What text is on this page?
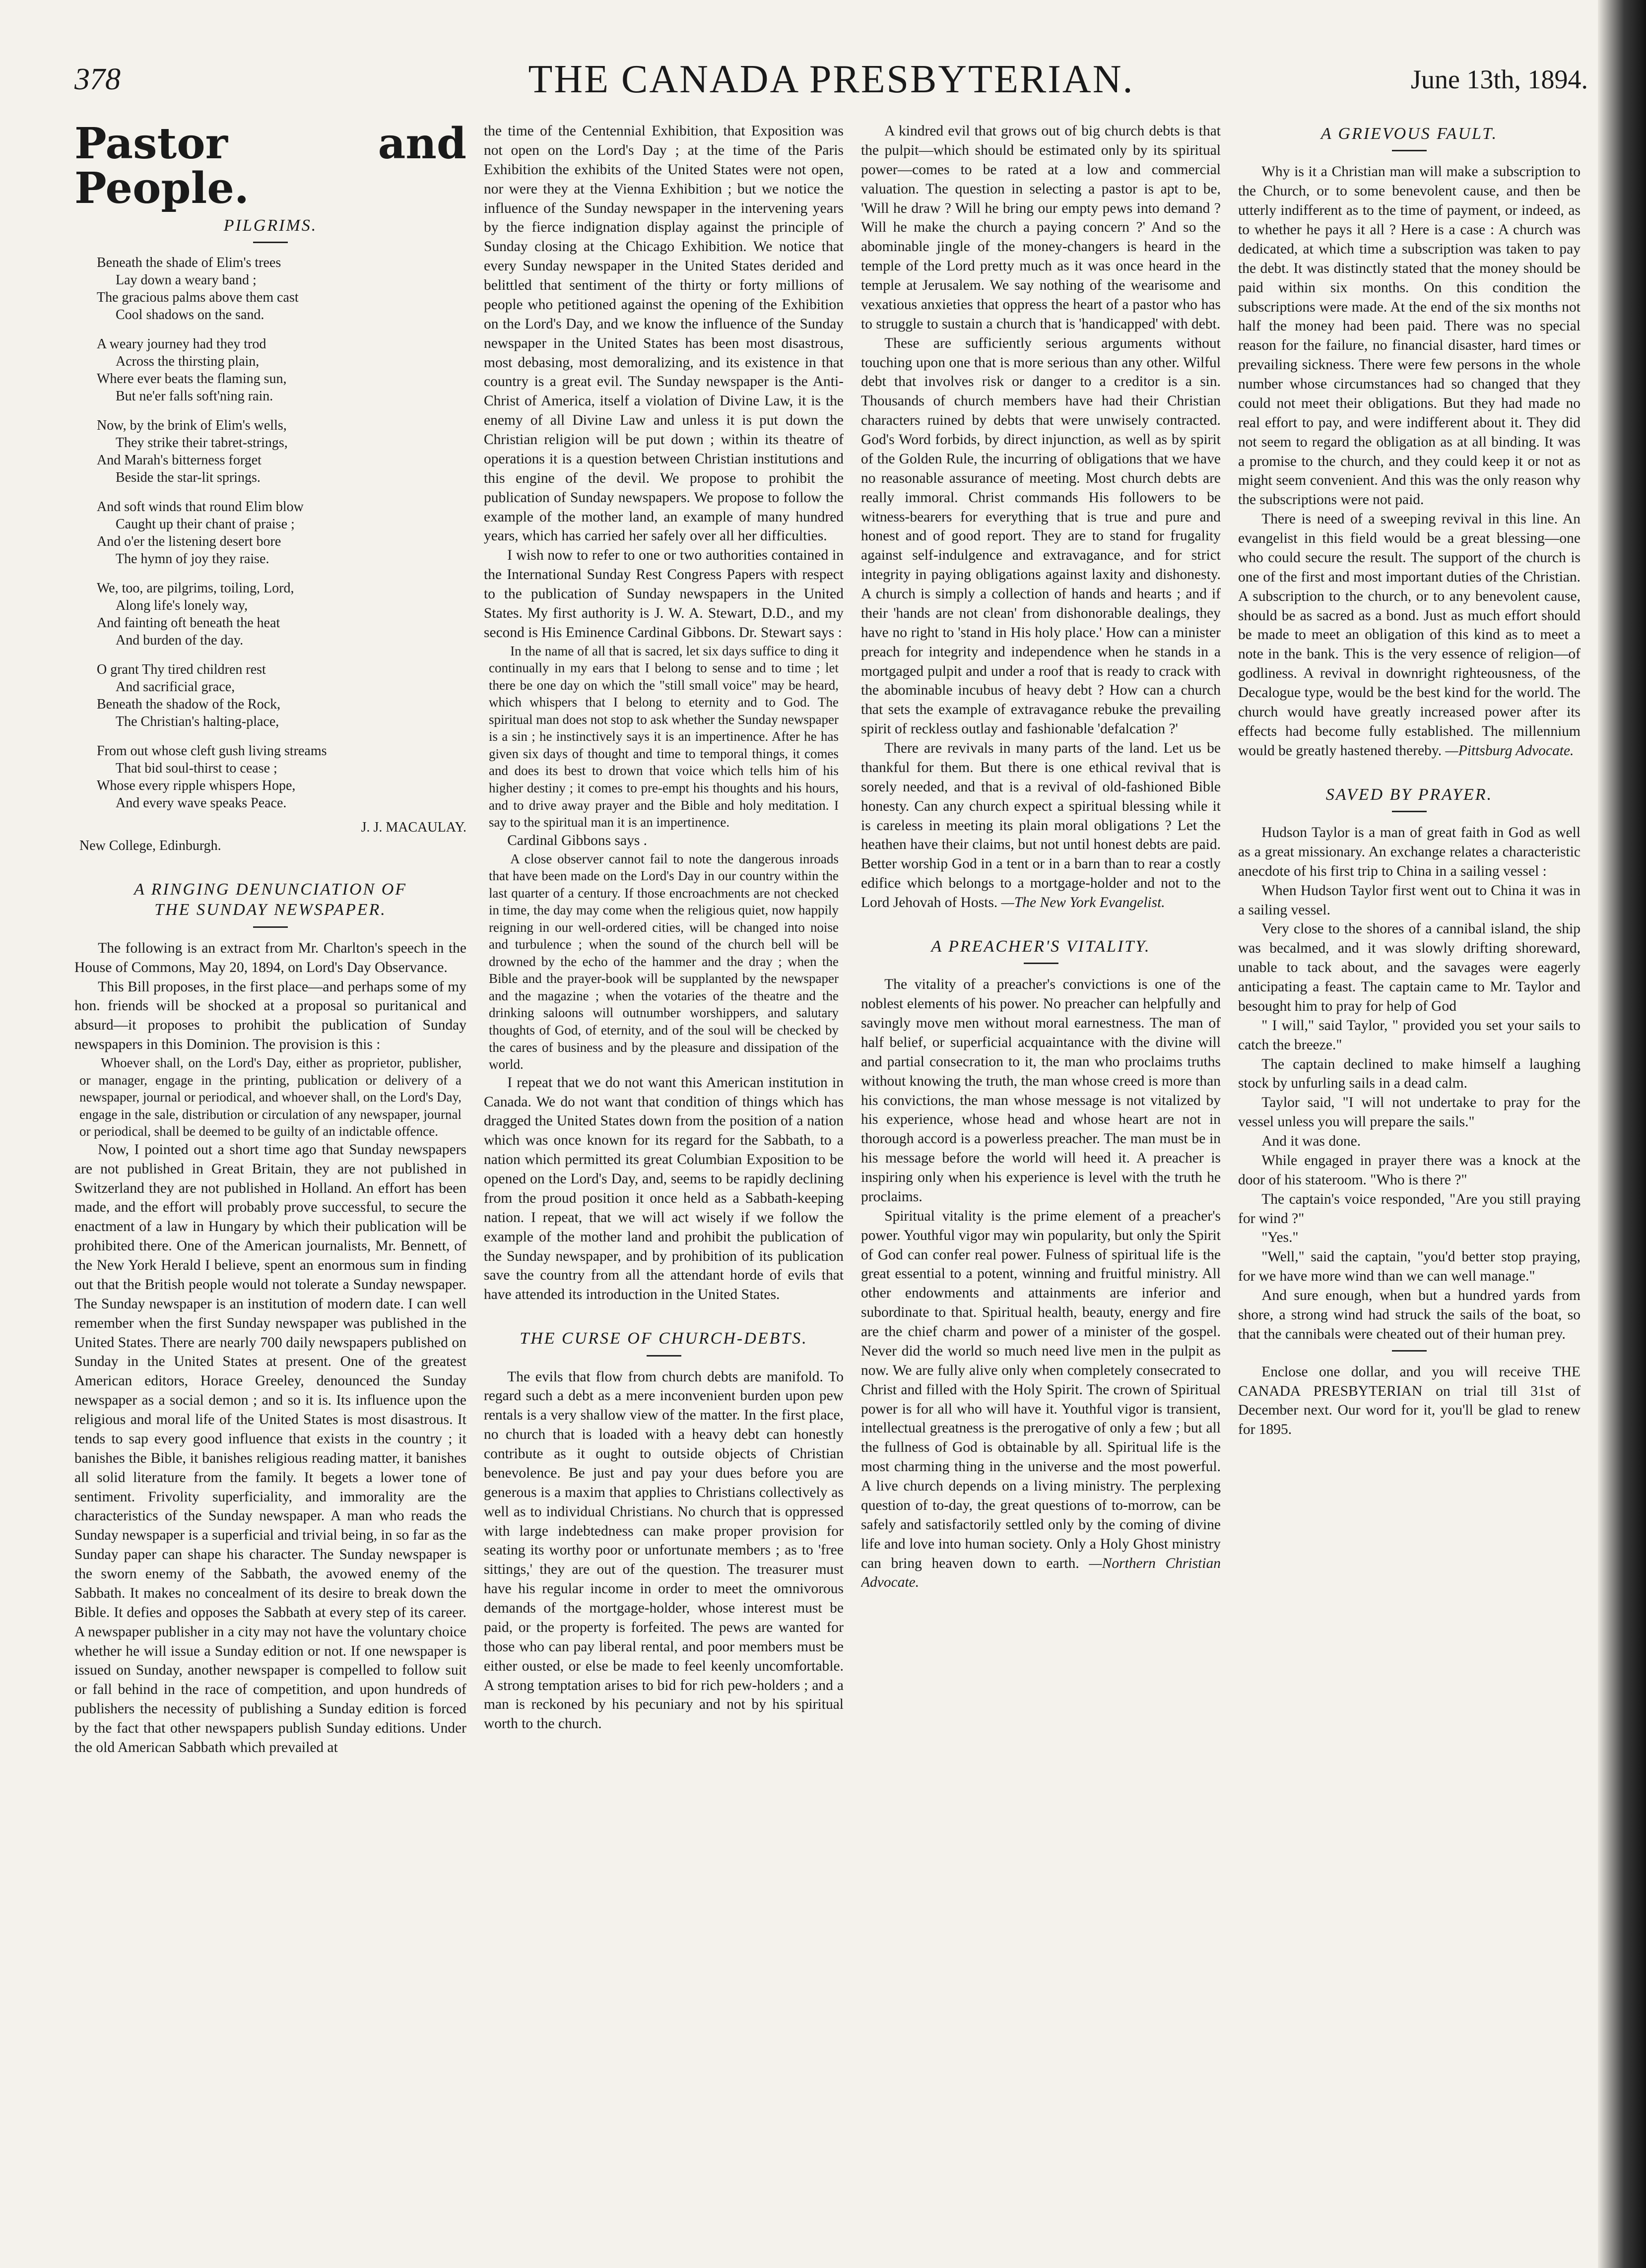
THE CANADA PRESBYTERIAN.
378	June 13th, 1894.
Pastor and People.
PILGRIMS.
Beneath the shade of Elim's trees
Lay down a weary band ;
The gracious palms above them cast
Cool shadows on the sand.
A weary journey had they trod
Across the thirsting plain,
Where ever beats the flaming sun,
But ne'er falls soft'ning rain.
Now, by the brink of Elim's wells,
They strike their tabret-strings,
And Marah's bitterness forget
Beside the star-lit springs.
And soft winds that round Elim blow
Caught up their chant of praise ;
And o'er the listening desert bore
The hymn of joy they raise.
We, too, are pilgrims, toiling, Lord,
Along life's lonely way,
And fainting oft beneath the heat
And burden of the day.
O grant Thy tired children rest
And sacrificial grace,
Beneath the shadow of the Rock,
The Christian's halting-place,
From out whose cleft gush living streams
That bid soul-thirst to cease ;
Whose every ripple whispers Hope,
And every wave speaks Peace.
J. J. MACAULAY.
New College, Edinburgh.
A RINGING DENUNCIATION OF
THE SUNDAY NEWSPAPER.

The following is an extract from Mr. Charlton's speech in the House of Commons, May 20, 1894, on Lord's Day Observance.

This Bill proposes, in the first place—and perhaps some of my hon. friends will be shocked at a proposal so puritanical and absurd—it proposes to prohibit the publication of Sunday newspapers in this Dominion. The provision is this :

Whoever shall, on the Lord's Day, either as proprietor, publisher, or manager, engage in the printing, publication or delivery of a newspaper, journal or periodical, and whoever shall, on the Lord's Day, engage in the sale, distribution or circulation of any newspaper, journal or periodical, shall be deemed to be guilty of an indictable offence.

Now, I pointed out a short time ago that Sunday newspapers are not published in Great Britain, they are not published in Switzerland they are not published in Holland. An effort has been made, and the effort will probably prove successful, to secure the enactment of a law in Hungary by which their publication will be prohibited there. One of the American journalists, Mr. Bennett, of the New York Herald I believe, spent an enormous sum in finding out that the British people would not tolerate a Sunday newspaper. The Sunday newspaper is an institution of modern date. I can well remember when the first Sunday newspaper was published in the United States. There are nearly 700 daily newspapers published on Sunday in the United States at present. One of the greatest American editors, Horace Greeley, denounced the Sunday newspaper as a social demon ; and so it is. Its influence upon the religious and moral life of the United States is most disastrous. It tends to sap every good influence that exists in the country ; it banishes the Bible, it banishes religious reading matter, it banishes all solid literature from the family. It begets a lower tone of sentiment. Frivolity superficiality, and immorality are the characteristics of the Sunday newspaper. A man who reads the Sunday newspaper is a superficial and trivial being, in so far as the Sunday paper can shape his character. The Sunday newspaper is the sworn enemy of the Sabbath, the avowed enemy of the Sabbath. It makes no concealment of its desire to break down the Bible. It defies and opposes the Sabbath at every step of its career. A newspaper publisher in a city may not have the voluntary choice whether he will issue a Sunday edition or not. If one newspaper is issued on Sunday, another newspaper is compelled to follow suit or fall behind in the race of competition, and upon hundreds of publishers the necessity of publishing a Sunday edition is forced by the fact that other newspapers publish Sunday editions. Under the old American Sabbath which prevailed at

the time of the Centennial Exhibition, that Exposition was not open on the Lord's Day ; at the time of the Paris Exhibition the exhibits of the United States were not open, nor were they at the Vienna Exhibition ; but we notice the influence of the Sunday newspaper in the intervening years by the fierce indignation display against the principle of Sunday closing at the Chicago Exhibition. We notice that every Sunday newspaper in the United States derided and belittled that sentiment of the thirty or forty millions of people who petitioned against the opening of the Exhibition on the Lord's Day, and we know the influence of the Sunday newspaper in the United States has been most disastrous, most debasing, most demoralizing, and its existence in that country is a great evil. The Sunday newspaper is the Anti-Christ of America, itself a violation of Divine Law, it is the enemy of all Divine Law and unless it is put down the Christian religion will be put down ; within its theatre of operations it is a question between Christian institutions and this engine of the devil. We propose to prohibit the publication of Sunday newspapers. We propose to follow the example of the mother land, an example of many hundred years, which has carried her safely over all her difficulties.

I wish now to refer to one or two authorities contained in the International Sunday Rest Congress Papers with respect to the publication of Sunday newspapers in the United States. My first authority is J. W. A. Stewart, D.D., and my second is His Eminence Cardinal Gibbons. Dr. Stewart says :

In the name of all that is sacred, let six days suffice to ding it continually in my ears that I belong to sense and to time ; let there be one day on which the "still small voice" may be heard, which whispers that I belong to eternity and to God. The spiritual man does not stop to ask whether the Sunday newspaper is a sin ; he instinctively says it is an impertinence. After he has given six days of thought and time to temporal things, it comes and does its best to drown that voice which tells him of his higher destiny ; it comes to pre-empt his thoughts and his hours, and to drive away prayer and the Bible and holy meditation. I say to the spiritual man it is an impertinence.

Cardinal Gibbons says .

A close observer cannot fail to note the dangerous inroads that have been made on the Lord's Day in our country within the last quarter of a century. If those encroachments are not checked in time, the day may come when the religious quiet, now happily reigning in our well-ordered cities, will be changed into noise and turbulence ; when the sound of the church bell will be drowned by the echo of the hammer and the dray ; when the Bible and the prayer-book will be supplanted by the newspaper and the magazine ; when the votaries of the theatre and the drinking saloons will outnumber worshippers, and salutary thoughts of God, of eternity, and of the soul will be checked by the cares of business and by the pleasure and dissipation of the world.

I repeat that we do not want this American institution in Canada. We do not want that condition of things which has dragged the United States down from the position of a nation which was once known for its regard for the Sabbath, to a nation which permitted its great Columbian Exposition to be opened on the Lord's Day, and, seems to be rapidly declining from the proud position it once held as a Sabbath-keeping nation. I repeat, that we will act wisely if we follow the example of the mother land and prohibit the publication of the Sunday newspaper, and by prohibition of its publication save the country from all the attendant horde of evils that have attended its introduction in the United States.

THE CURSE OF CHURCH-DEBTS.

The evils that flow from church debts are manifold. To regard such a debt as a mere inconvenient burden upon pew rentals is a very shallow view of the matter. In the first place, no church that is loaded with a heavy debt can honestly contribute as it ought to outside objects of Christian benevolence. Be just and pay your dues before you are generous is a maxim that applies to Christians collectively as well as to individual Christians. No church that is oppressed with large indebtedness can make proper provision for seating its worthy poor or unfortunate members ; as to 'free sittings,' they are out of the question. The treasurer must have his regular income in order to meet the omnivorous demands of the mortgage-holder, whose interest must be paid, or the property is forfeited. The pews are wanted for those who can pay liberal rental, and poor members must be either ousted, or else be made to feel keenly uncomfortable. A strong temptation arises to bid for rich pew-holders ; and a man is reckoned by his pecuniary and not by his spiritual worth to the church.

A kindred evil that grows out of big church debts is that the pulpit—which should be estimated only by its spiritual power—comes to be rated at a low and commercial valuation. The question in selecting a pastor is apt to be, 'Will he draw ? Will he bring our empty pews into demand ? Will he make the church a paying concern ?' And so the abominable jingle of the money-changers is heard in the temple of the Lord pretty much as it was once heard in the temple at Jerusalem. We say nothing of the wearisome and vexatious anxieties that oppress the heart of a pastor who has to struggle to sustain a church that is 'handicapped' with debt.

These are sufficiently serious arguments without touching upon one that is more serious than any other. Wilful debt that involves risk or danger to a creditor is a sin. Thousands of church members have had their Christian characters ruined by debts that were unwisely contracted. God's Word forbids, by direct injunction, as well as by spirit of the Golden Rule, the incurring of obligations that we have no reasonable assurance of meeting. Most church debts are really immoral. Christ commands His followers to be witness-bearers for everything that is true and pure and honest and of good report. They are to stand for frugality against self-indulgence and extravagance, and for strict integrity in paying obligations against laxity and dishonesty. A church is simply a collection of hands and hearts ; and if their 'hands are not clean' from dishonorable dealings, they have no right to 'stand in His holy place.' How can a minister preach for integrity and independence when he stands in a mortgaged pulpit and under a roof that is ready to crack with the abominable incubus of heavy debt ? How can a church that sets the example of extravagance rebuke the prevailing spirit of reckless outlay and fashionable 'defalcation ?'

There are revivals in many parts of the land. Let us be thankful for them. But there is one ethical revival that is sorely needed, and that is a revival of old-fashioned Bible honesty. Can any church expect a spiritual blessing while it is careless in meeting its plain moral obligations ? Let the heathen have their claims, but not until honest debts are paid. Better worship God in a tent or in a barn than to rear a costly edifice which belongs to a mortgage-holder and not to the Lord Jehovah of Hosts. —The New York Evangelist.

A PREACHER'S VITALITY.

The vitality of a preacher's convictions is one of the noblest elements of his power. No preacher can helpfully and savingly move men without moral earnestness. The man of half belief, or superficial acquaintance with the divine will and partial consecration to it, the man who proclaims truths without knowing the truth, the man whose creed is more than his convictions, the man whose message is not vitalized by his experience, whose head and whose heart are not in thorough accord is a powerless preacher. The man must be in his message before the world will heed it. A preacher is inspiring only when his experience is level with the truth he proclaims.

Spiritual vitality is the prime element of a preacher's power. Youthful vigor may win popularity, but only the Spirit of God can confer real power. Fulness of spiritual life is the great essential to a potent, winning and fruitful ministry. All other endowments and attainments are inferior and subordinate to that. Spiritual health, beauty, energy and fire are the chief charm and power of a minister of the gospel. Never did the world so much need live men in the pulpit as now. We are fully alive only when completely consecrated to Christ and filled with the Holy Spirit. The crown of Spiritual power is for all who will have it. Youthful vigor is transient, intellectual greatness is the prerogative of only a few ; but all the fullness of God is obtainable by all. Spiritual life is the most charming thing in the universe and the most powerful. A live church depends on a living ministry. The perplexing question of to-day, the great questions of to-morrow, can be safely and satisfactorily settled only by the coming of divine life and love into human society. Only a Holy Ghost ministry can bring heaven down to earth. —Northern Christian Advocate.

A GRIEVOUS FAULT.

Why is it a Christian man will make a subscription to the Church, or to some benevolent cause, and then be utterly indifferent as to the time of payment, or indeed, as to whether he pays it all ? Here is a case : A church was dedicated, at which time a subscription was taken to pay the debt. It was distinctly stated that the money should be paid within six months. On this condition the subscriptions were made. At the end of the six months not half the money had been paid. There was no special reason for the failure, no financial disaster, hard times or prevailing sickness. There were few persons in the whole number whose circumstances had so changed that they could not meet their obligations. But they had made no real effort to pay, and were indifferent about it. They did not seem to regard the obligation as at all binding. It was a promise to the church, and they could keep it or not as might seem convenient. And this was the only reason why the subscriptions were not paid.

There is need of a sweeping revival in this line. An evangelist in this field would be a great blessing—one who could secure the result. The support of the church is one of the first and most important duties of the Christian. A subscription to the church, or to any benevolent cause, should be as sacred as a bond. Just as much effort should be made to meet an obligation of this kind as to meet a note in the bank. This is the very essence of religion—of godliness. A revival in downright righteousness, of the Decalogue type, would be the best kind for the world. The church would have greatly increased power after its effects had become fully established. The millennium would be greatly hastened thereby. —Pittsburg Advocate.

SAVED BY PRAYER.

Hudson Taylor is a man of great faith in God as well as a great missionary. An exchange relates a characteristic anecdote of his first trip to China in a sailing vessel :

When Hudson Taylor first went out to China it was in a sailing vessel.

Very close to the shores of a cannibal island, the ship was becalmed, and it was slowly drifting shoreward, unable to tack about, and the savages were eagerly anticipating a feast. The captain came to Mr. Taylor and besought him to pray for help of God

" I will," said Taylor, " provided you set your sails to catch the breeze."

The captain declined to make himself a laughing stock by unfurling sails in a dead calm.

Taylor said, "I will not undertake to pray for the vessel unless you will prepare the sails."

And it was done.

While engaged in prayer there was a knock at the door of his stateroom. "Who is there ?"

The captain's voice responded, "Are you still praying for wind ?"

"Yes."

"Well," said the captain, "you'd better stop praying, for we have more wind than we can well manage."

And sure enough, when but a hundred yards from shore, a strong wind had struck the sails of the boat, so that the cannibals were cheated out of their human prey.

Enclose one dollar, and you will receive THE CANADA PRESBYTERIAN on trial till 31st of December next. Our word for it, you'll be glad to renew for 1895.
